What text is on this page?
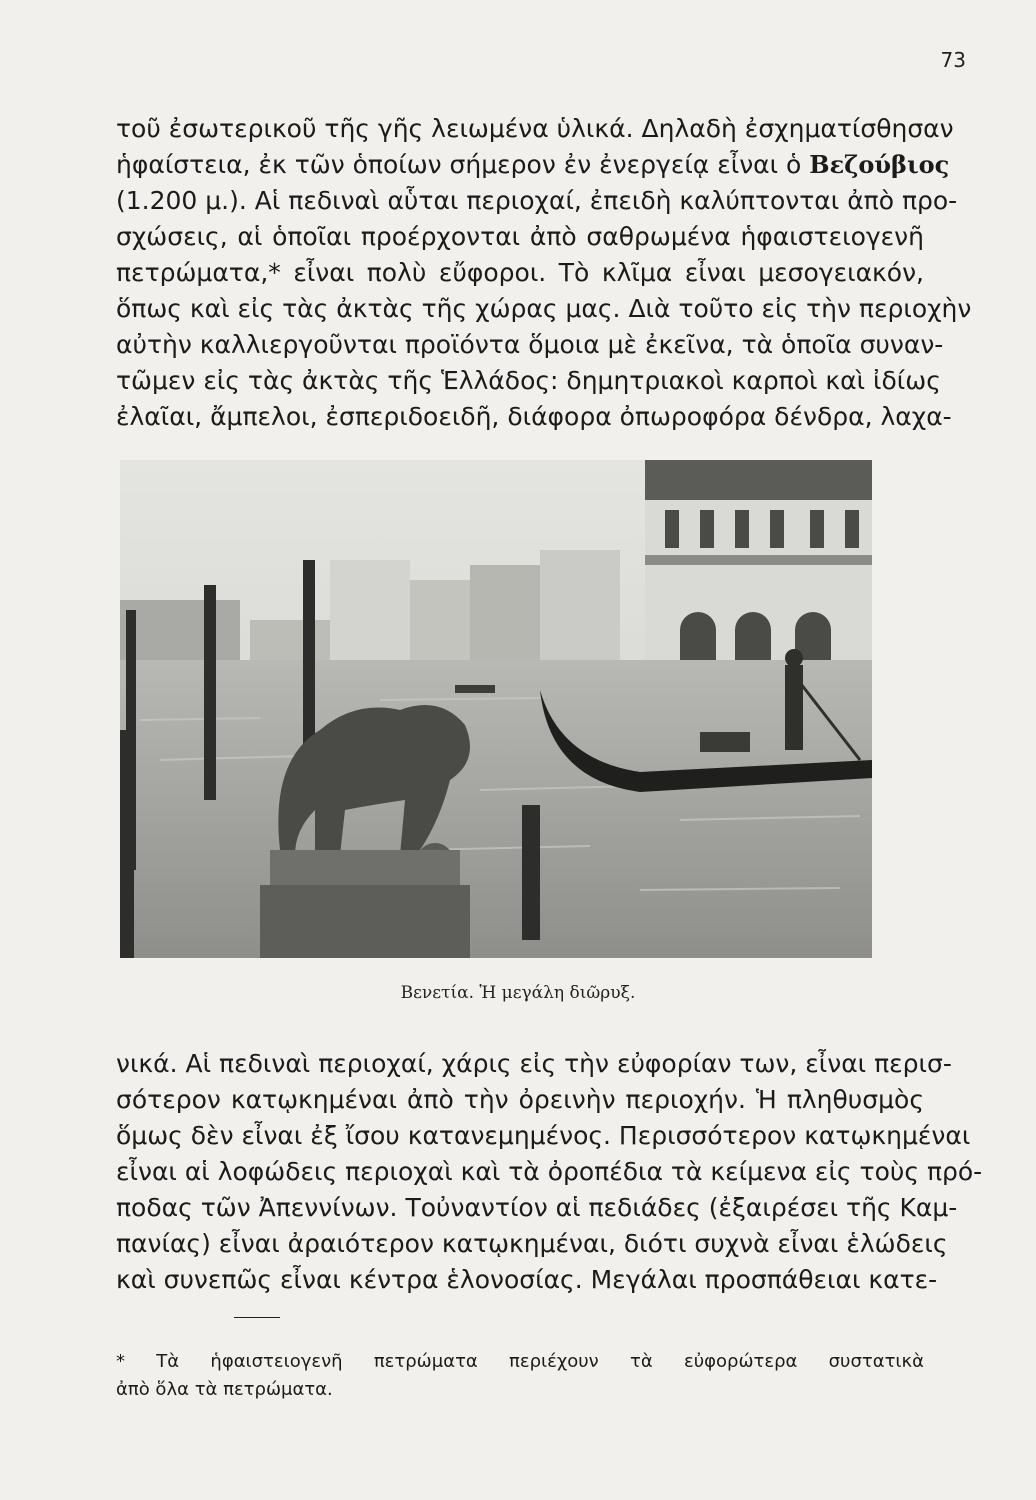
73
τοῦ ἐσωτερικοῦ τῆς γῆς λειωμένα ὑλικά. Δηλαδὴ ἐσχηματίσθησαν
ἡφαίστεια, ἐκ τῶν ὁποίων σήμερον ἐν ἐνεργείᾳ εἶναι ὁ Βεζούβιος
(1.200 μ.). Αἱ πεδιναὶ αὗται περιοχαί, ἐπειδὴ καλύπτονται ἀπὸ προ-
σχώσεις, αἱ ὁποῖαι προέρχονται ἀπὸ σαθρωμένα ἡφαιστειογενῆ
πετρώματα,* εἶναι πολὺ εὔφοροι. Τὸ κλῖμα εἶναι μεσογειακόν,
ὅπως καὶ εἰς τὰς ἀκτὰς τῆς χώρας μας. Διὰ τοῦτο εἰς τὴν περιοχὴν
αὐτὴν καλλιεργοῦνται προϊόντα ὅμοια μὲ ἐκεῖνα, τὰ ὁποῖα συναν-
τῶμεν εἰς τὰς ἀκτὰς τῆς Ἑλλάδος: δημητριακοὶ καρποὶ καὶ ἰδίως
ἐλαῖαι, ἄμπελοι, ἐσπεριδοειδῆ, διάφορα ὀπωροφόρα δένδρα, λαχα-
Βενετία. Ἡ μεγάλη διῶρυξ.
νικά. Αἱ πεδιναὶ περιοχαί, χάρις εἰς τὴν εὐφορίαν των, εἶναι περισ-
σότερον κατῳκημέναι ἀπὸ τὴν ὀρεινὴν περιοχήν. Ἡ πληθυσμὸς
ὅμως δὲν εἶναι ἐξ ἴσου κατανεμημένος. Περισσότερον κατῳκημέναι
εἶναι αἱ λοφώδεις περιοχαὶ καὶ τὰ ὀροπέδια τὰ κείμενα εἰς τοὺς πρό-
ποδας τῶν Ἀπεννίνων. Τοὐναντίον αἱ πεδιάδες (ἐξαιρέσει τῆς Καμ-
πανίας) εἶναι ἀραιότερον κατῳκημέναι, διότι συχνὰ εἶναι ἑλώδεις
καὶ συνεπῶς εἶναι κέντρα ἑλονοσίας. Μεγάλαι προσπάθειαι κατε-
* Τὰ ἡφαιστειογενῆ πετρώματα περιέχουν τὰ εὐφορώτερα συστατικὰ
ἀπὸ ὅλα τὰ πετρώματα.
